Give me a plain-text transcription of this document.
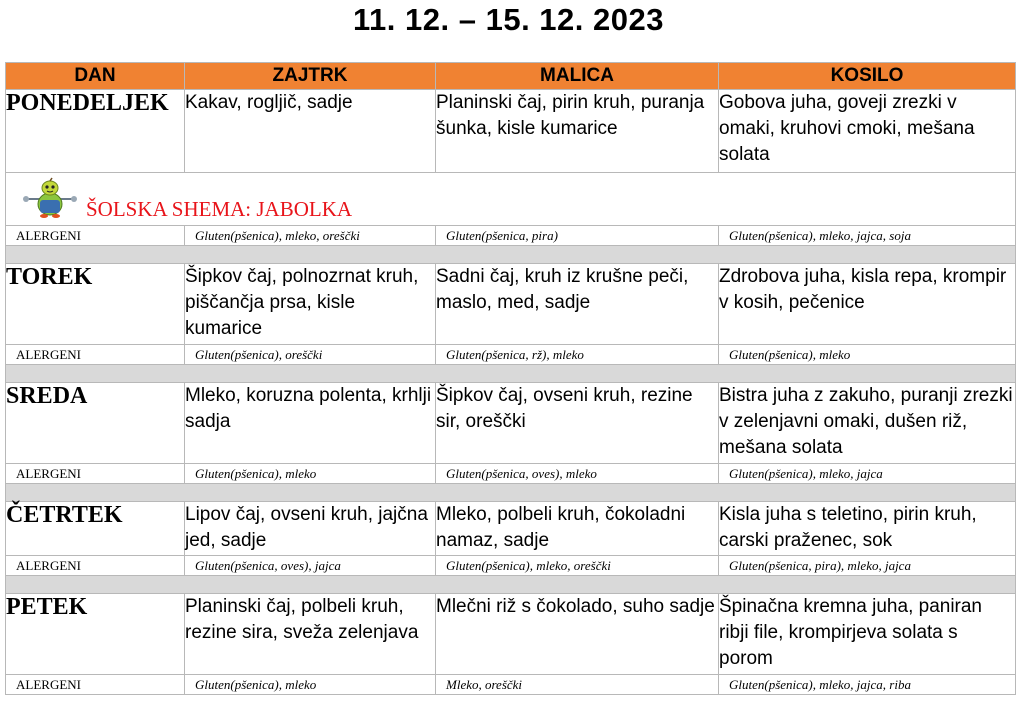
11. 12. – 15. 12. 2023
DAN	ZAJTRK	MALICA	KOSILO
PONEDELJEK	Kakav, rogljič, sadje	Planinski čaj, pirin kruh, puranja šunka, kisle kumarice	Gobova juha, goveji zrezki v omaki, kruhovi cmoki, mešana solata

ŠOLSKA SHEMA: JABOLKA			

ALERGENI	Gluten(pšenica), mleko, oreščki	Gluten(pšenica, pira)	Gluten(pšenica), mleko, jajca, soja

TOREK	Šipkov čaj, polnozrnat kruh, piščančja prsa, kisle kumarice	Sadni čaj, kruh iz krušne peči, maslo, med, sadje	Zdrobova juha, kisla repa, krompir v kosih, pečenice
ALERGENI	Gluten(pšenica), oreščki	Gluten(pšenica, rž), mleko	Gluten(pšenica), mleko

SREDA	Mleko, koruzna polenta, krhlji sadja	Šipkov čaj, ovseni kruh, rezine sir, oreščki	Bistra juha z zakuho, puranji zrezki v zelenjavni omaki, dušen riž, mešana solata
ALERGENI	Gluten(pšenica), mleko	Gluten(pšenica, oves), mleko	Gluten(pšenica), mleko, jajca

ČETRTEK	Lipov čaj, ovseni kruh, jajčna jed, sadje	Mleko, polbeli kruh, čokoladni namaz, sadje	Kisla juha s teletino, pirin kruh, carski praženec, sok
ALERGENI	Gluten(pšenica, oves), jajca	Gluten(pšenica), mleko, oreščki	Gluten(pšenica, pira), mleko, jajca

PETEK	Planinski čaj, polbeli kruh, rezine sira, sveža zelenjava	Mlečni riž s čokolado, suho sadje	Špinačna kremna juha, paniran ribji file, krompirjeva solata s porom
ALERGENI	Gluten(pšenica), mleko	Mleko, oreščki	Gluten(pšenica), mleko, jajca, riba
